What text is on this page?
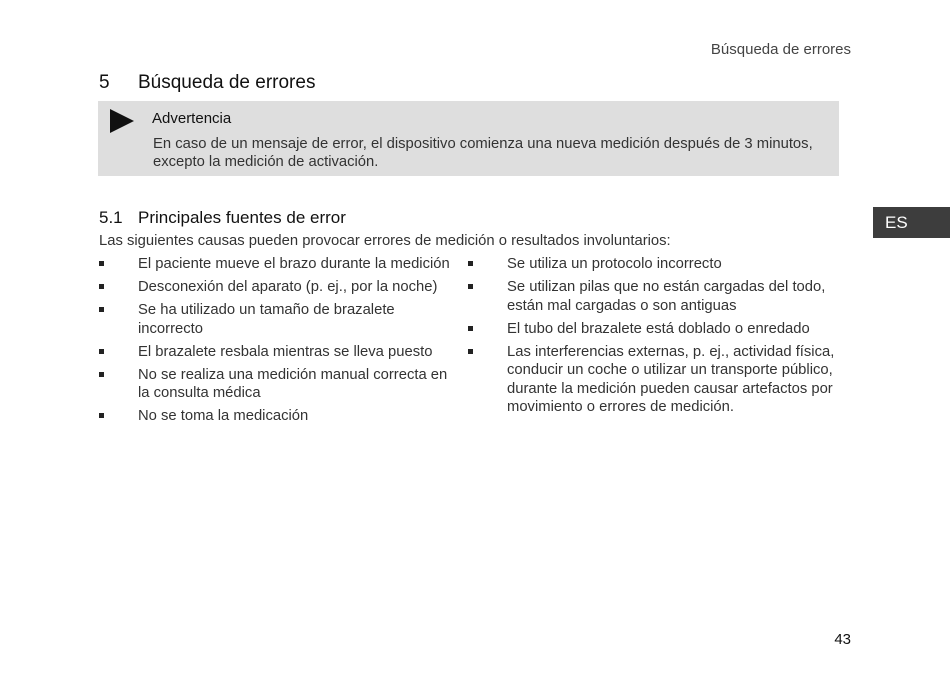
Búsqueda de errores
5 Búsqueda de errores
Advertencia
En caso de un mensaje de error, el dispositivo comienza una nueva medición después de 3 minutos, excepto la medición de activación.
5.1 Principales fuentes de error
Las siguientes causas pueden provocar errores de medición o resultados involuntarios:
El paciente mueve el brazo durante la medición
Desconexión del aparato (p. ej., por la noche)
Se ha utilizado un tamaño de brazalete incorrecto
El brazalete resbala mientras se lleva puesto
No se realiza una medición manual correcta en la consulta médica
No se toma la medicación
Se utiliza un protocolo incorrecto
Se utilizan pilas que no están cargadas del todo, están mal cargadas o son antiguas
El tubo del brazalete está doblado o enredado
Las interferencias externas, p. ej., actividad física, conducir un coche o utilizar un transporte público, durante la medición pueden causar artefactos por movimiento o errores de medición.
ES
43
